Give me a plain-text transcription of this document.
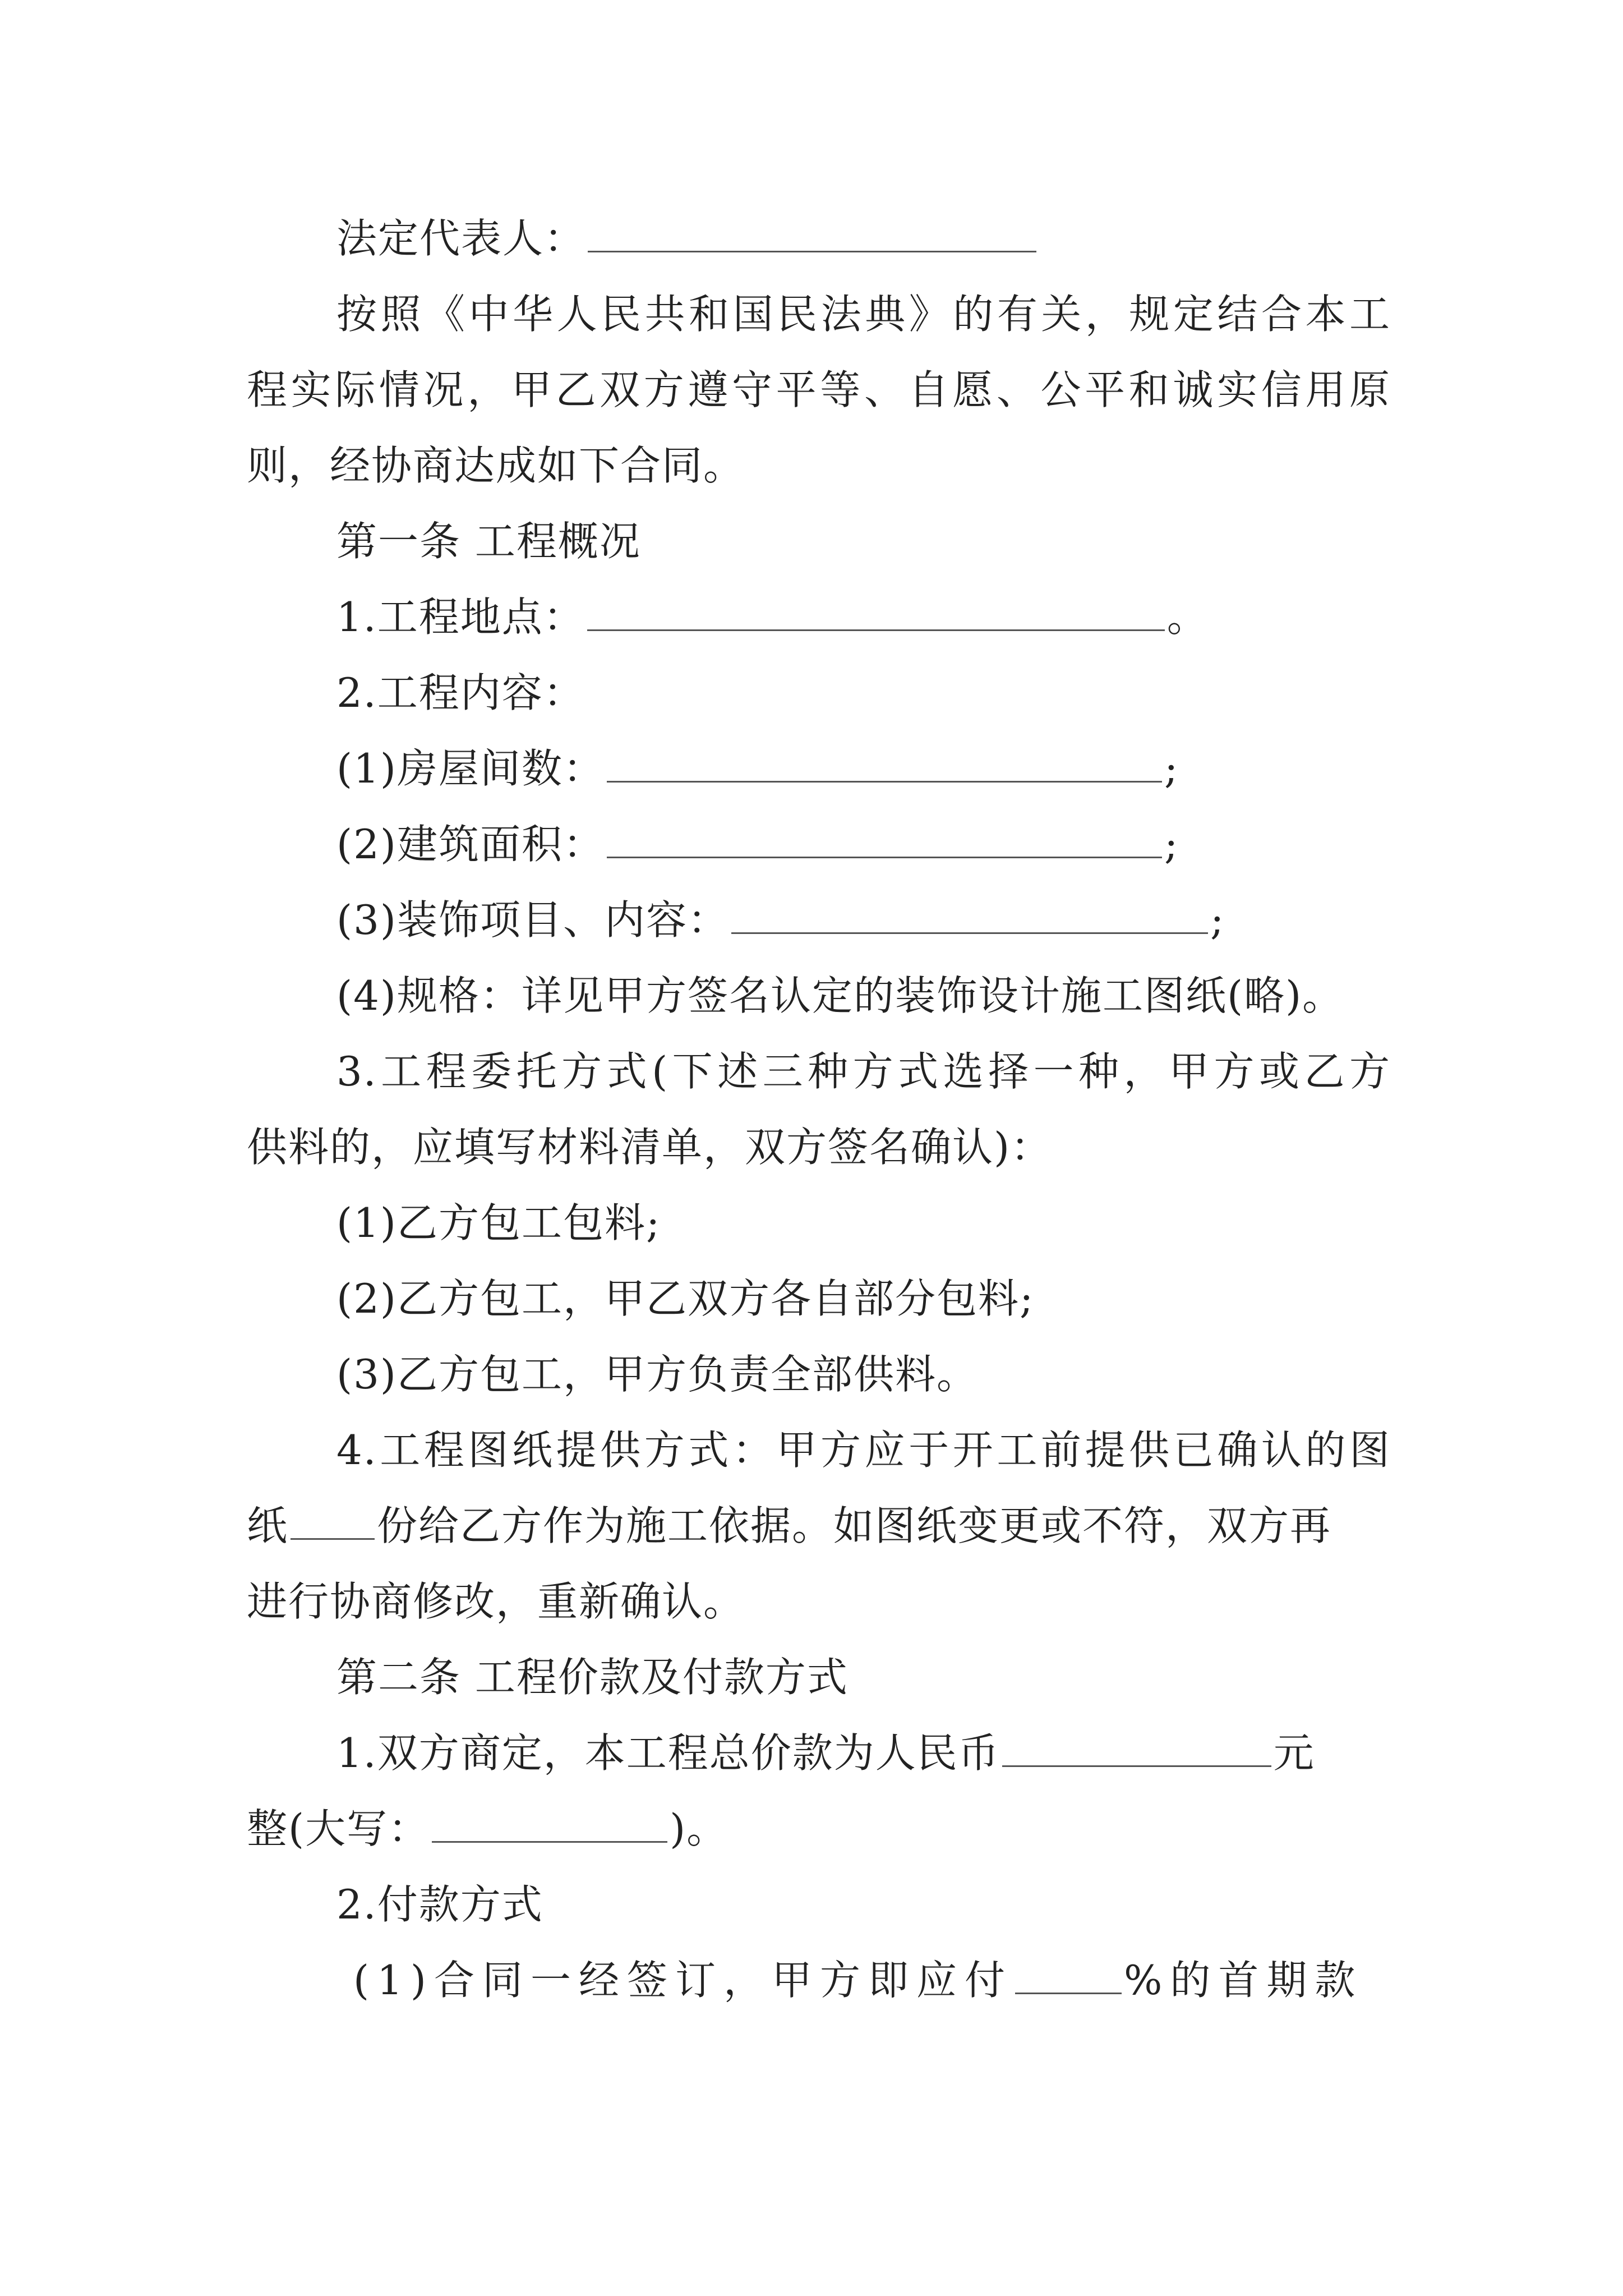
法定代表人：
按照《中华人民共和国民法典》的有关，规定结合本工
程实际情况，甲乙双方遵守平等、自愿、公平和诚实信用原
则，经协商达成如下合同。
第一条 工程概况
1.工程地点：	。
2.工程内容：
(1)房屋间数：	;
(2)建筑面积：	;
(3)装饰项目、内容：	;
(4)规格：详见甲方签名认定的装饰设计施工图纸(略)。
3.工程委托方式(下述三种方式选择一种，甲方或乙方
供料的，应填写材料清单，双方签名确认)：
(1)乙方包工包料;
(2)乙方包工，甲乙双方各自部分包料;
(3)乙方包工，甲方负责全部供料。
4.工程图纸提供方式：甲方应于开工前提供已确认的图
纸 份给乙方作为施工依据。如图纸变更或不符，双方再
进行协商修改，重新确认。
第二条 工程价款及付款方式
1.双方商定，本工程总价款为人民币	元
整(大写：	)。
2.付款方式
(1)合同一经签订，甲方即应付	%的首期款
